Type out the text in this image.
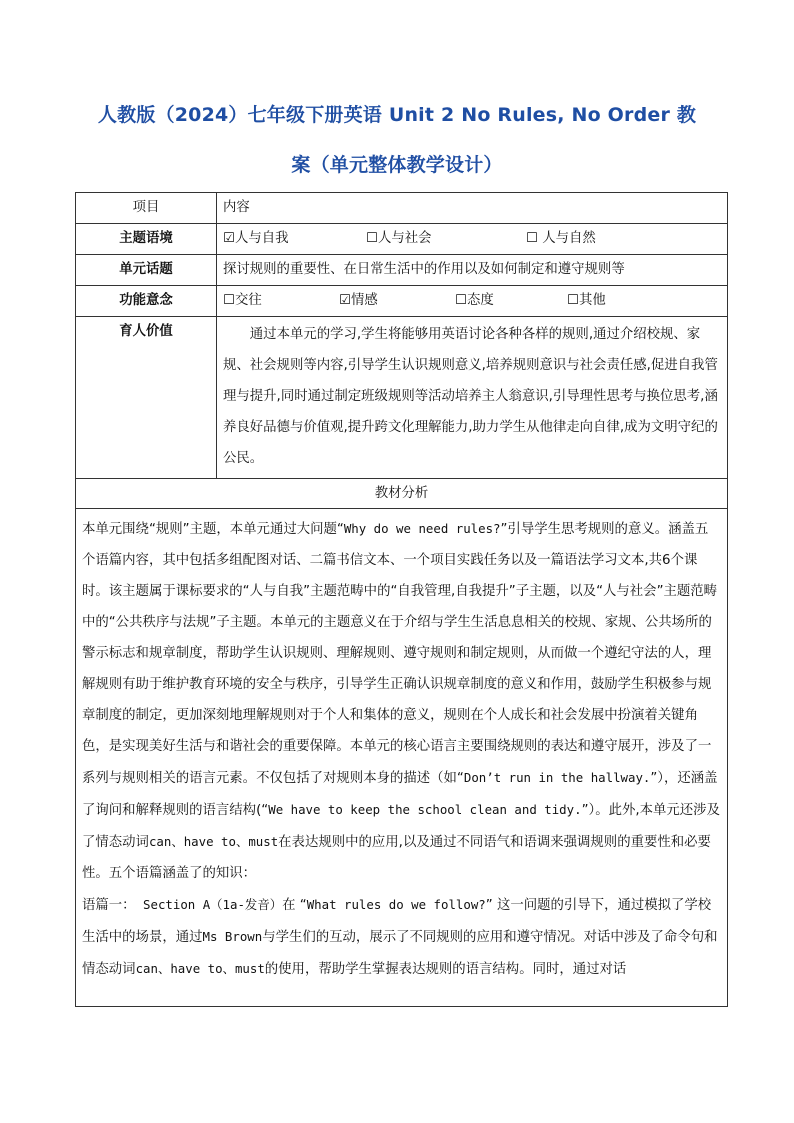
人教版（2024）七年级下册英语 Unit 2 No Rules, No Order 教
案（单元整体教学设计）
项目	内容
主题语境	☑人与自我 ☐人与社会 ☐ 人与自然
单元话题	探讨规则的重要性、在日常生活中的作用以及如何制定和遵守规则等
功能意念	☐交往 ☑情感 ☐态度 ☐其他
育人价值	通过本单元的学习,学生将能够用英语讨论各种各样的规则,通过介绍校规、家规、社会规则等内容,引导学生认识规则意义,培养规则意识与社会责任感,促进自我管理与提升,同时通过制定班级规则等活动培养主人翁意识,引导理性思考与换位思考,涵养良好品德与价值观,提升跨文化理解能力,助力学生从他律走向自律,成为文明守纪的公民。
教材分析	

本单元围绕“规则”主题，本单元通过大问题“Why do we need rules?”引导学生思考规则的意义。涵盖五个语篇内容，其中包括多组配图对话、二篇书信文本、一个项目实践任务以及一篇语法学习文本,共6个课时。该主题属于课标要求的“人与自我”主题范畴中的“自我管理,自我提升”子主题，以及“人与社会”主题范畴中的“公共秩序与法规”子主题。本单元的主题意义在于介绍与学生生活息息相关的校规、家规、公共场所的警示标志和规章制度，帮助学生认识规则、理解规则、遵守规则和制定规则，从而做一个遵纪守法的人，理解规则有助于维护教育环境的安全与秩序，引导学生正确认识规章制度的意义和作用，鼓励学生积极参与规章制度的制定，更加深刻地理解规则对于个人和集体的意义，规则在个人成长和社会发展中扮演着关键角色，是实现美好生活与和谐社会的重要保障。本单元的核心语言主要围绕规则的表达和遵守展开，涉及了一系列与规则相关的语言元素。不仅包括了对规则本身的描述（如“Don’t run in the hallway.”），还涵盖了询问和解释规则的语言结构(“We have to keep the school clean and tidy.”）。此外,本单元还涉及了情态动词can、have to、must在表达规则中的应用,以及通过不同语气和语调来强调规则的重要性和必要性。五个语篇涵盖了的知识：

语篇一： Section A（1a-发音）在 “What rules do we follow?” 这一问题的引导下，通过模拟了学校生活中的场景，通过Ms Brown与学生们的互动，展示了不同规则的应用和遵守情况。对话中涉及了命令句和情态动词can、have to、must的使用，帮助学生掌握表达规则的语言结构。同时，通过对话	
